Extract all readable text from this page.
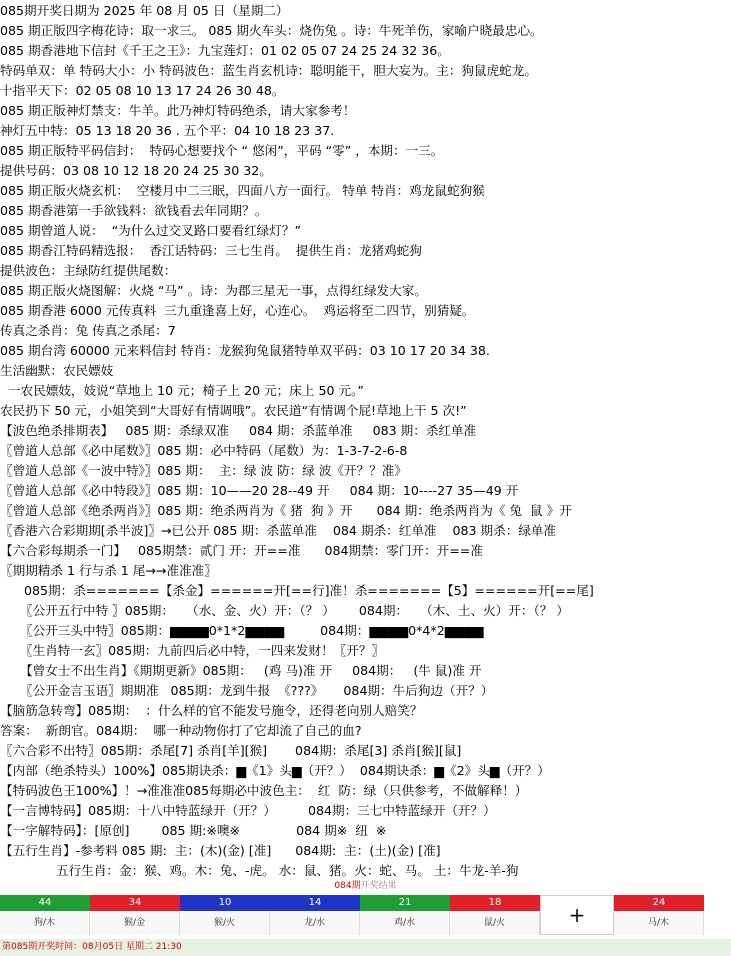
085期开奖日期为 2025 年 08 月 05 日（星期二）
085 期正版四字梅花诗：取一求三。 085 期火车头：烧伤兔 。诗：牛死羊伤，家喻户晓最忠心。
085 期香港地下信封《千王之王》：九宝莲灯：01 02 05 07 24 25 24 32 36。
特码单双：单 特码大小：小 特码波色：蓝生肖玄机诗：聪明能干，胆大妄为。主：狗鼠虎蛇龙。
十指平天下：02 05 08 10 13 17 24 26 30 48。
085 期正版神灯禁支：牛羊。此乃神灯特码绝杀，请大家参考！
神灯五中特：05 13 18 20 36 . 五个平：04 10 18 23 37.
085 期正版特平码信封：  特码心想要找个 “ 悠闲”，平码 “零” ，本期：一三。
提供号码：03 08 10 12 18 20 24 25 30 32。
085 期正版火烧玄机：  空楼月中二三眠，四面八方一面行。 特单 特肖：鸡龙鼠蛇狗猴
085 期香港第一手欲钱料：欲钱看去年同期？。
085 期曾道人说：  “为什么过交叉路口要看红绿灯？”
085 期香江特码精选报：  香江话特码：三七生肖。  提供生肖：龙猪鸡蛇狗
提供波色：主绿防红提供尾数：
085 期正版火烧图解：火烧 “马” 。诗：为郡三星无一事，点得红绿发大家。
085 期香港 6000 元传真料  三九重逢喜上好，心连心。  鸡运将至二四节，别猜疑。
传真之杀肖：兔 传真之杀尾：7
085 期台湾 60000 元来料信封 特肖：龙猴狗兔鼠猪特单双平码：03 10 17 20 34 38.
生活幽默：农民嫖妓
一农民嫖妓，妓说“草地上 10 元；椅子上 20 元；床上 50 元。”
农民扔下 50 元，小姐笑到“大哥好有情调哦”。农民道“有情调个屁!草地上干 5 次!”
【波色绝杀排期表】   085 期：杀绿双准     084 期：杀蓝单准     083 期：杀红单准
〖曾道人总部《必中尾数》〗085 期：必中特码（尾数）为：1-3-7-2-6-8
〖曾道人总部《一波中特》〗085 期：  主：绿 波 防：绿 波《开？？准》
〖曾道人总部《必中特段》〗085 期：10——20 28--49 开     084 期：10----27 35—49 开
〖曾道人总部《绝杀两肖》〗085 期：绝杀两肖为《 猪  狗 》开      084 期：绝杀两肖为《 兔  鼠 》开
〖香港六合彩期期[杀半波]〗→已公开 085 期：杀蓝单准    084 期杀：红单准    083 期杀：绿单准
【六合彩每期杀一门】   085期禁：贰门 开：开==准      084期禁：零门开：开==准
〖期期精杀 1 行与杀 1 尾→→准准准〗
085期：杀=======【杀金】======开[==行]准！杀=======【5】======开[==尾]
〖公开五行中特 〗085期：   （水、金、火）开：（？ ）      084期：   （木、土、火）开：（？ ）
〖公开三头中特〗085期：▆▆▆▆0*1*2▆▆▆▆         084期：▆▆▆▆0*4*2▆▆▆▆
〖生肖特一玄〗085期：九前四后必中特，一四来发财！〖开？〗
【曾女士不出生肖】《期期更新》085期：   (鸡 马)准 开     084期：   (牛 鼠)准 开
〖公开金言玉语〗期期准   085期：龙到牛报  《???》     084期：牛后狗边（开？）
【脑筋急转弯】085期：  ：什么样的官不能发号施令，还得老向别人赔笑？
答案：  新朗官。084期：  哪一种动物你打了它却流了自己的血?
〖六合彩不出特〗085期：杀尾[7] 杀肖[羊][猴]       084期：杀尾[3] 杀肖[猴][鼠]
【内部（绝杀特头）100%】085期诀杀：▆《1》头▆（开？）  084期诀杀：▆《2》头▆（开？）
【特码波色王100%】！→准准准085每期必中波色主：  红  防：绿（只供参考，不做解释！）
【一言博特码】085期：十八中特蓝绿开（开？）        084期：三七中特蓝绿开（开？）
【一字解特码】：[原创]        085 期:※噢※              084 期※  纽  ※
【五行生肖】-参考料 085 期:  主：(木)(金) [准]      084期:  主：(土)(金) [准]
五行生肖：金：猴、鸡。木：兔、-虎。 水：鼠、猪。火：蛇、马。 土：牛龙-羊-狗
084期开奖结果
44
狗/木
34
猴/金
10
猴/火
14
龙/水
21
鸡/水
18
鼠/火	+
24
马/木
第085期开奖时间：08月05日 星期二 21:30
